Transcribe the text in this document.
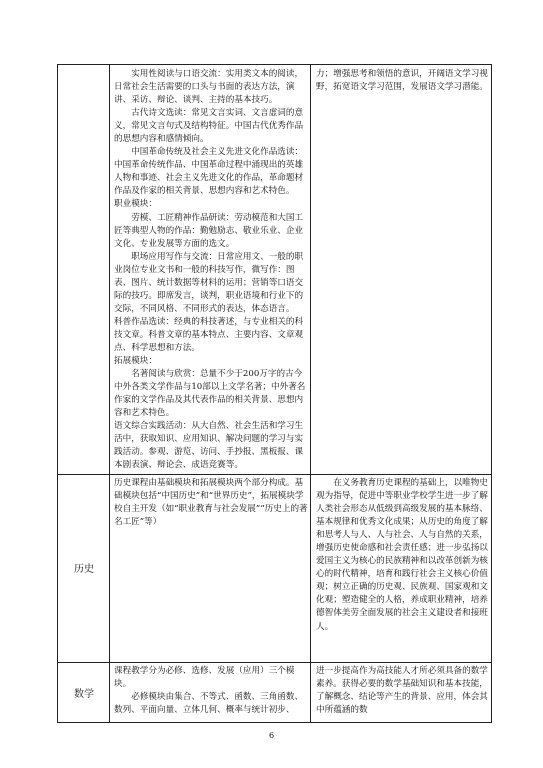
实用性阅读与口语交流：实用类文本的阅读，日常社会生活需要的口头与书面的表达方法，演讲、采访、辩论、谈判、主持的基本技巧。

古代诗文选读：常见文言实词、文言虚词的意义，常见文言句式及结构特征。中国古代优秀作品的思想内容和感情倾向。

中国革命传统及社会主义先进文化作品选读：中国革命传统作品、中国革命过程中涌现出的英雄人物和事迹、社会主义先进文化的作品，革命题材作品及作家的相关背景、思想内容和艺术特色。

职业模块：

劳模、工匠精神作品研读：劳动模范和大国工匠等典型人物的作品：勤勉励志、敬业乐业、企业文化、专业发展等方面的选文。

职场应用写作与交流：日常应用文、一般的职业岗位专业文书和一般的科技写作，微写作：图表、图片、统计数据等材料的运用；营销等口语交际的技巧。即席发言，谈判，职业语境和行业下的交际，不同风格、不同形式的表达，体态语言。

科普作品选读：经典的科技著述，与专业相关的科技文章。科普文章的基本特点、主要内容、文章观点、科学思想和方法。

拓展模块：

名著阅读与欣赏：总量不少于200万字的古今中外各类文学作品与10部以上文学名著；中外著名作家的文学作品及其代表作品的相关背景、思想内容和艺术特色。

语文综合实践活动：从大自然、社会生活和学习生活中，获取知识、应用知识、解决问题的学习与实践活动。参观、游览、访问、手抄报、黑板报、课本剧表演、辩论会、成语竞赛等。

力；增强思考和领悟的意识，开阔语文学习视野，拓宽语文学习范围，发展语文学习潜能。

历史

历史课程由基础模块和拓展模块两个部分构成。基础模块包括“中国历史”和“世界历史”，拓展模块学校自主开发（如“职业教育与社会发展”“历史上的著名工匠”等）

在义务教育历史课程的基础上，以唯物史观为指导，促进中等职业学校学生进一步了解人类社会形态从低级到高级发展的基本脉络、基本规律和优秀文化成果；从历史的角度了解和思考人与人、人与社会、人与自然的关系，增强历史使命感和社会责任感；进一步弘扬以爱国主义为核心的民族精神和以改革创新为核心的时代精神，培育和践行社会主义核心价值观；树立正确的历史观、民族观、国家观和文化观；塑造健全的人格，养成职业精神，培养德智体美劳全面发展的社会主义建设者和接班人。

数学

课程教学分为必修、选修、发展（应用）三个模块。

必修模块由集合、不等式、函数、三角函数、数列、平面向量、立体几何、概率与统计初步、

进一步提高作为高技能人才所必须具备的数学素养。获得必要的数学基础知识和基本技能，了解概念、结论等产生的背景、应用，体会其中所蕴涵的数

6
